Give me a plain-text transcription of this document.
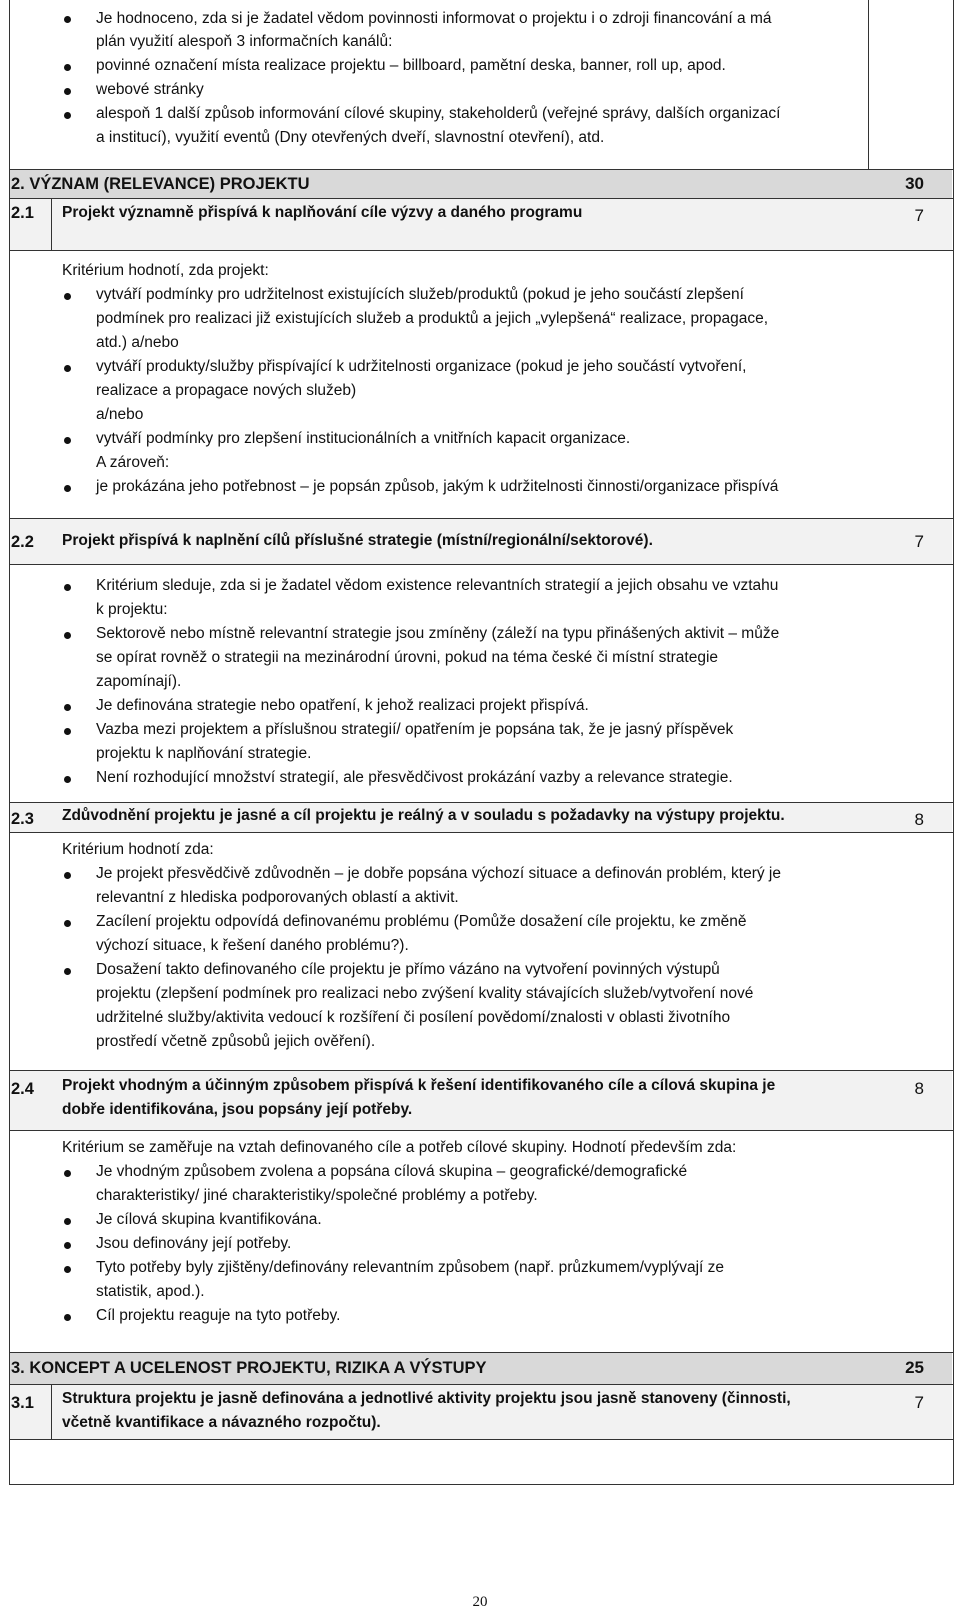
Je hodnoceno, zda si je žadatel vědom povinnosti informovat o projektu i o zdroji financování a má
plán využití alespoň 3 informačních kanálů:
povinné označení místa realizace projektu – billboard, pamětní deska, banner, roll up, apod.
webové stránky
alespoň 1 další způsob informování cílové skupiny, stakeholderů (veřejné správy, dalších organizací
a institucí), využití eventů (Dny otevřených dveří, slavnostní otevření), atd.
2. VÝZNAM (RELEVANCE) PROJEKTU	30
2.1 Projekt významně přispívá k naplňování cíle výzvy a daného programu	7
Kritérium hodnotí, zda projekt:
vytváří podmínky pro udržitelnost existujících služeb/produktů (pokud je jeho součástí zlepšení
podmínek pro realizaci již existujících služeb a produktů a jejich „vylepšená“ realizace, propagace,
atd.) a/nebo
vytváří produkty/služby přispívající k udržitelnosti organizace (pokud je jeho součástí vytvoření,
realizace a propagace nových služeb)
a/nebo
vytváří podmínky pro zlepšení institucionálních a vnitřních kapacit organizace.
A zároveň:
je prokázána jeho potřebnost – je popsán způsob, jakým k udržitelnosti činnosti/organizace přispívá
2.2 Projekt přispívá k naplnění cílů příslušné strategie (místní/regionální/sektorové).	7
Kritérium sleduje, zda si je žadatel vědom existence relevantních strategií a jejich obsahu ve vztahu
k projektu:
Sektorově nebo místně relevantní strategie jsou zmíněny (záleží na typu přinášených aktivit – může
se opírat rovněž o strategii na mezinárodní úrovni, pokud na téma české či místní strategie
zapomínají).
Je definována strategie nebo opatření, k jehož realizaci projekt přispívá.
Vazba mezi projektem a příslušnou strategií/ opatřením je popsána tak, že je jasný příspěvek
projektu k naplňování strategie.
Není rozhodující množství strategií, ale přesvědčivost prokázání vazby a relevance strategie.
2.3 Zdůvodnění projektu je jasné a cíl projektu je reálný a v souladu s požadavky na výstupy projektu.	8
Kritérium hodnotí zda:
Je projekt přesvědčivě zdůvodněn – je dobře popsána výchozí situace a definován problém, který je
relevantní z hlediska podporovaných oblastí a aktivit.
Zacílení projektu odpovídá definovanému problému (Pomůže dosažení cíle projektu, ke změně
výchozí situace, k řešení daného problému?).
Dosažení takto definovaného cíle projektu je přímo vázáno na vytvoření povinných výstupů
projektu (zlepšení podmínek pro realizaci nebo zvýšení kvality stávajících služeb/vytvoření nové
udržitelné služby/aktivita vedoucí k rozšíření či posílení povědomí/znalosti v oblasti životního
prostředí včetně způsobů jejich ověření).
2.4 Projekt vhodným a účinným způsobem přispívá k řešení identifikovaného cíle a cílová skupina je
dobře identifikována, jsou popsány její potřeby.
8
Kritérium se zaměřuje na vztah definovaného cíle a potřeb cílové skupiny. Hodnotí především zda:
Je vhodným způsobem zvolena a popsána cílová skupina – geografické/demografické
charakteristiky/ jiné charakteristiky/společné problémy a potřeby.
Je cílová skupina kvantifikována.
Jsou definovány její potřeby.
Tyto potřeby byly zjištěny/definovány relevantním způsobem (např. průzkumem/vyplývají ze
statistik, apod.).
Cíl projektu reaguje na tyto potřeby.
3. KONCEPT A UCELENOST PROJEKTU, RIZIKA A VÝSTUPY	25
3.1 Struktura projektu je jasně definována a jednotlivé aktivity projektu jsou jasně stanoveny (činnosti,
včetně kvantifikace a návazného rozpočtu).
7
20
